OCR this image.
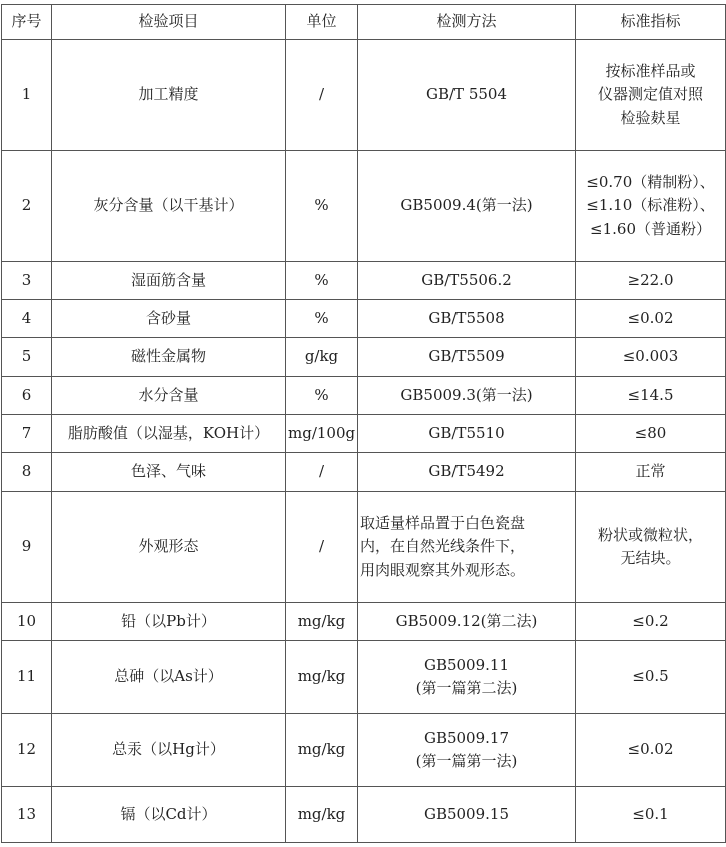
序号	检验项目	单位	检测方法	标准指标
1	加工精度	/	GB/T 5504	按标准样品或
仪器测定值对照
检验麸星

2	灰分含量（以干基计）	%	GB5009.4(第一法)	≤0.70（精制粉）、
≤1.10（标准粉）、
≤1.60（普通粉）

3	湿面筋含量	%	GB/T5506.2	≥22.0

4	含砂量	%	GB/T5508	≤0.02

5	磁性金属物	g/kg	GB/T5509	≤0.003

6	水分含量	%	GB5009.3(第一法)	≤14.5

7	脂肪酸值（以湿基，KOH计）	mg/100g	GB/T5510	≤80

8	色泽、气味	/	GB/T5492	正常

9	外观形态	/	取适量样品置于白色瓷盘
内，在自然光线条件下，
用肉眼观察其外观形态。	粉状或微粒状，
无结块。

10	铅（以Pb计）	mg/kg	GB5009.12(第二法)	≤0.2

11	总砷（以As计）	mg/kg	GB5009.11
(第一篇第二法)	≤0.5

12	总汞（以Hg计）	mg/kg	GB5009.17
(第一篇第一法)	≤0.02

13	镉（以Cd计）	mg/kg	GB5009.15	≤0.1
